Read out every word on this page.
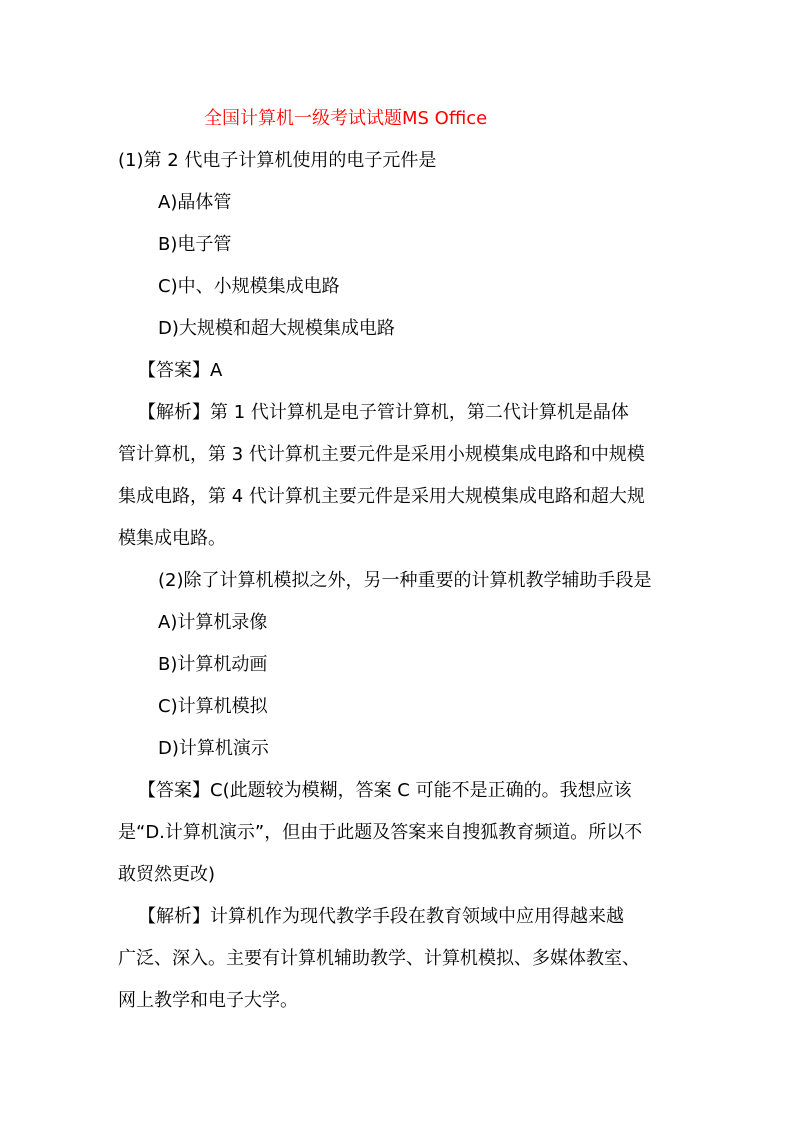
全国计算机一级考试试题MS Office
(1)第 2 代电子计算机使用的电子元件是
A)晶体管
B)电子管
C)中、小规模集成电路
D)大规模和超大规模集成电路
【答案】A
【解析】第 1 代计算机是电子管计算机，第二代计算机是晶体
管计算机，第 3 代计算机主要元件是采用小规模集成电路和中规模
集成电路，第 4 代计算机主要元件是采用大规模集成电路和超大规
模集成电路。
(2)除了计算机模拟之外，另一种重要的计算机教学辅助手段是
A)计算机录像
B)计算机动画
C)计算机模拟
D)计算机演示
【答案】C(此题较为模糊，答案 C 可能不是正确的。我想应该
是“D.计算机演示”，但由于此题及答案来自搜狐教育频道。所以不
敢贸然更改)
【解析】计算机作为现代教学手段在教育领域中应用得越来越
广泛、深入。主要有计算机辅助教学、计算机模拟、多媒体教室、
网上教学和电子大学。
